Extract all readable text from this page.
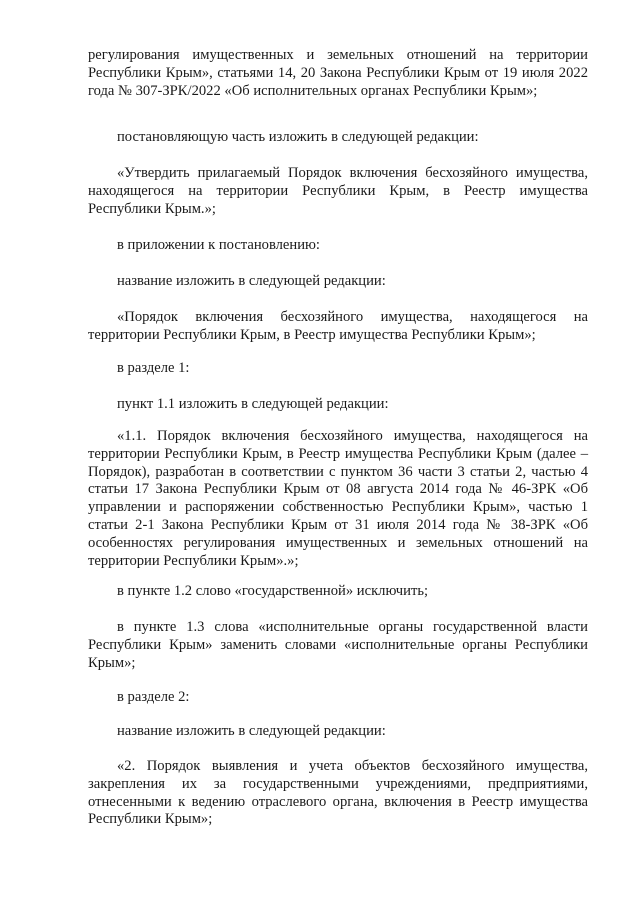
регулирования имущественных и земельных отношений на территории Республики Крым», статьями 14, 20 Закона Республики Крым от 19 июля 2022 года № 307-ЗРК/2022 «Об исполнительных органах Республики Крым»;

постановляющую часть изложить в следующей редакции:

«Утвердить прилагаемый Порядок включения бесхозяйного имущества, находящегося на территории Республики Крым, в Реестр имущества Республики Крым.»;

в приложении к постановлению:

название изложить в следующей редакции:

«Порядок включения бесхозяйного имущества, находящегося на территории Республики Крым, в Реестр имущества Республики Крым»;

в разделе 1:

пункт 1.1 изложить в следующей редакции:

«1.1. Порядок включения бесхозяйного имущества, находящегося на территории Республики Крым, в Реестр имущества Республики Крым (далее – Порядок), разработан в соответствии с пунктом 36 части 3 статьи 2, частью 4 статьи 17 Закона Республики Крым от 08 августа 2014 года № 46-ЗРК «Об управлении и распоряжении собственностью Республики Крым», частью 1 статьи 2-1 Закона Республики Крым от 31 июля 2014 года № 38-ЗРК «Об особенностях регулирования имущественных и земельных отношений на территории Республики Крым».»;

в пункте 1.2 слово «государственной» исключить;

в пункте 1.3 слова «исполнительные органы государственной власти Республики Крым» заменить словами «исполнительные органы Республики Крым»;

в разделе 2:

название изложить в следующей редакции:

«2. Порядок выявления и учета объектов бесхозяйного имущества, закрепления их за государственными учреждениями, предприятиями, отнесенными к ведению отраслевого органа, включения в Реестр имущества Республики Крым»;
